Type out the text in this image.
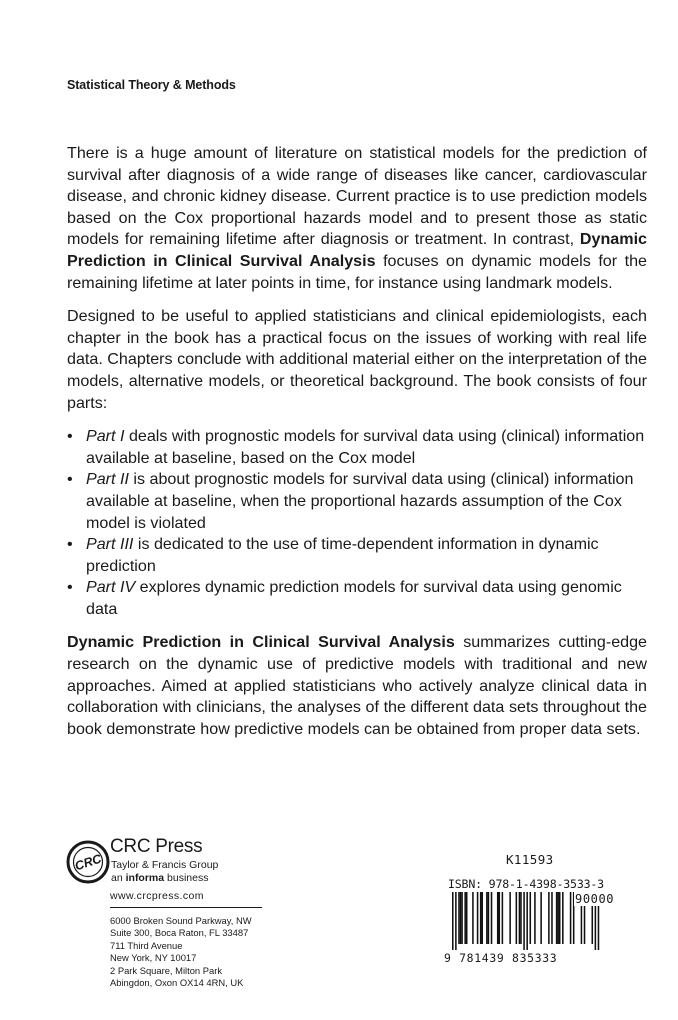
Statistical Theory & Methods

There is a huge amount of literature on statistical models for the prediction of survival after diagnosis of a wide range of diseases like cancer, cardiovascular disease, and chronic kidney disease. Current practice is to use prediction models based on the Cox proportional hazards model and to present those as static models for remaining lifetime after diagnosis or treatment. In contrast, Dynamic Prediction in Clinical Survival Analysis focuses on dynamic models for the remaining lifetime at later points in time, for instance using landmark models.

Designed to be useful to applied statisticians and clinical epidemiologists, each chapter in the book has a practical focus on the issues of working with real life data. Chapters conclude with additional material either on the interpretation of the models, alternative models, or theoretical background. The book consists of four parts:

• Part I deals with prognostic models for survival data using (clinical) information available at baseline, based on the Cox model
• Part II is about prognostic models for survival data using (clinical) information available at baseline, when the proportional hazards assumption of the Cox model is violated
• Part III is dedicated to the use of time-dependent information in dynamic prediction
• Part IV explores dynamic prediction models for survival data using genomic data

Dynamic Prediction in Clinical Survival Analysis summarizes cutting-edge research on the dynamic use of predictive models with traditional and new approaches. Aimed at applied statisticians who actively analyze clinical data in collaboration with clinicians, the analyses of the different data sets throughout the book demonstrate how predictive models can be obtained from proper data sets.

CRC
CRC Press
Taylor & Francis Group
an informa business
www.crcpress.com
6000 Broken Sound Parkway, NW
Suite 300, Boca Raton, FL 33487
711 Third Avenue
New York, NY 10017
2 Park Square, Milton Park
Abingdon, Oxon OX14 4RN, UK
K11593
ISBN: 978-1-4398-3533-3
90000
9 781439 835333
